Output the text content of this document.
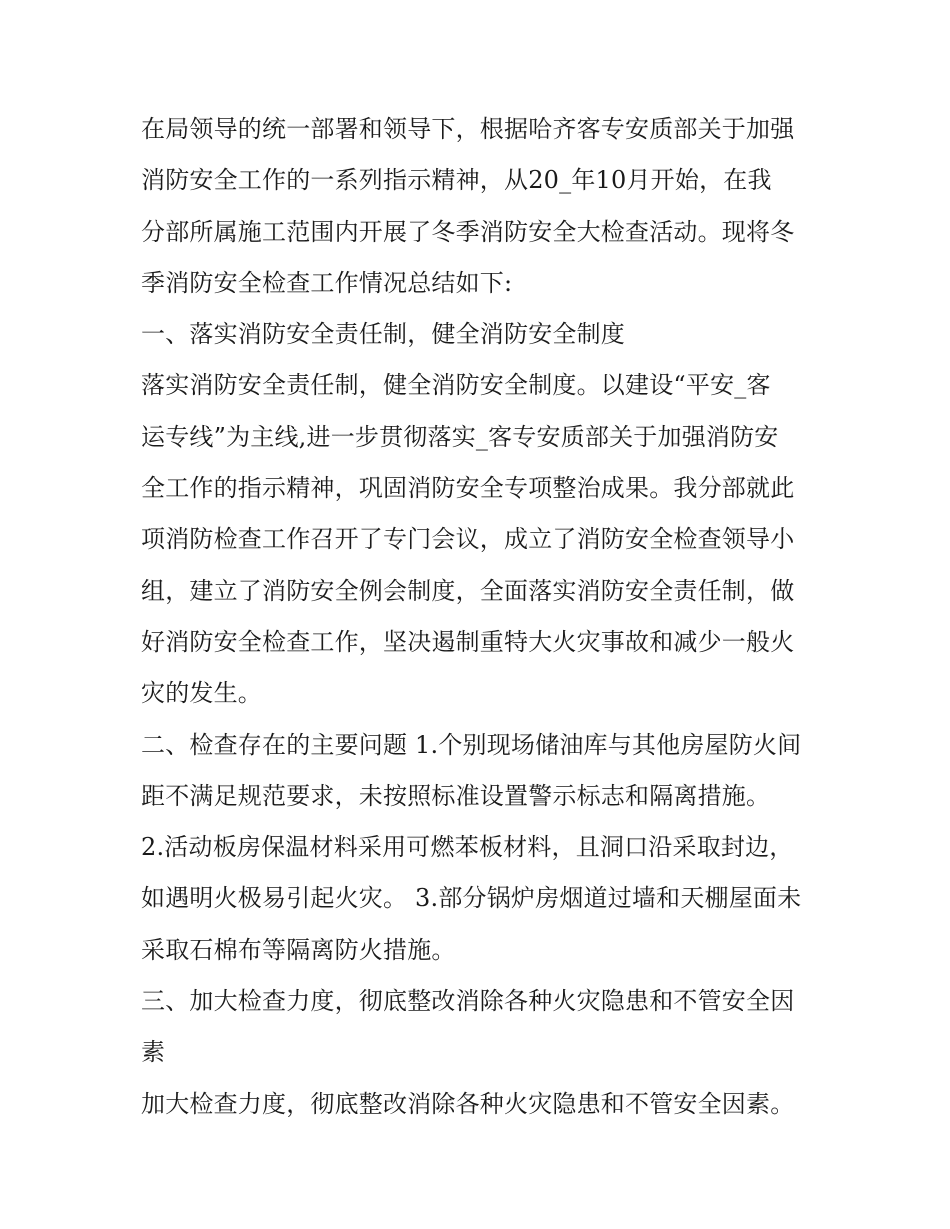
在局领导的统一部署和领导下，根据哈齐客专安质部关于加强
消防安全工作的一系列指示精神，从20_年10月开始，在我
分部所属施工范围内开展了冬季消防安全大检查活动。现将冬
季消防安全检查工作情况总结如下:
一、落实消防安全责任制，健全消防安全制度
落实消防安全责任制，健全消防安全制度。以建设“平安_客
运专线”为主线,进一步贯彻落实_客专安质部关于加强消防安
全工作的指示精神，巩固消防安全专项整治成果。我分部就此
项消防检查工作召开了专门会议，成立了消防安全检查领导小
组，建立了消防安全例会制度，全面落实消防安全责任制，做
好消防安全检查工作，坚决遏制重特大火灾事故和减少一般火
灾的发生。
二、检查存在的主要问题 1.个别现场储油库与其他房屋防火间
距不满足规范要求，未按照标准设置警示标志和隔离措施。
2.活动板房保温材料采用可燃苯板材料，且洞口沿采取封边，
如遇明火极易引起火灾。 3.部分锅炉房烟道过墙和天棚屋面未
采取石棉布等隔离防火措施。
三、加大检查力度，彻底整改消除各种火灾隐患和不管安全因
素
加大检查力度，彻底整改消除各种火灾隐患和不管安全因素。
